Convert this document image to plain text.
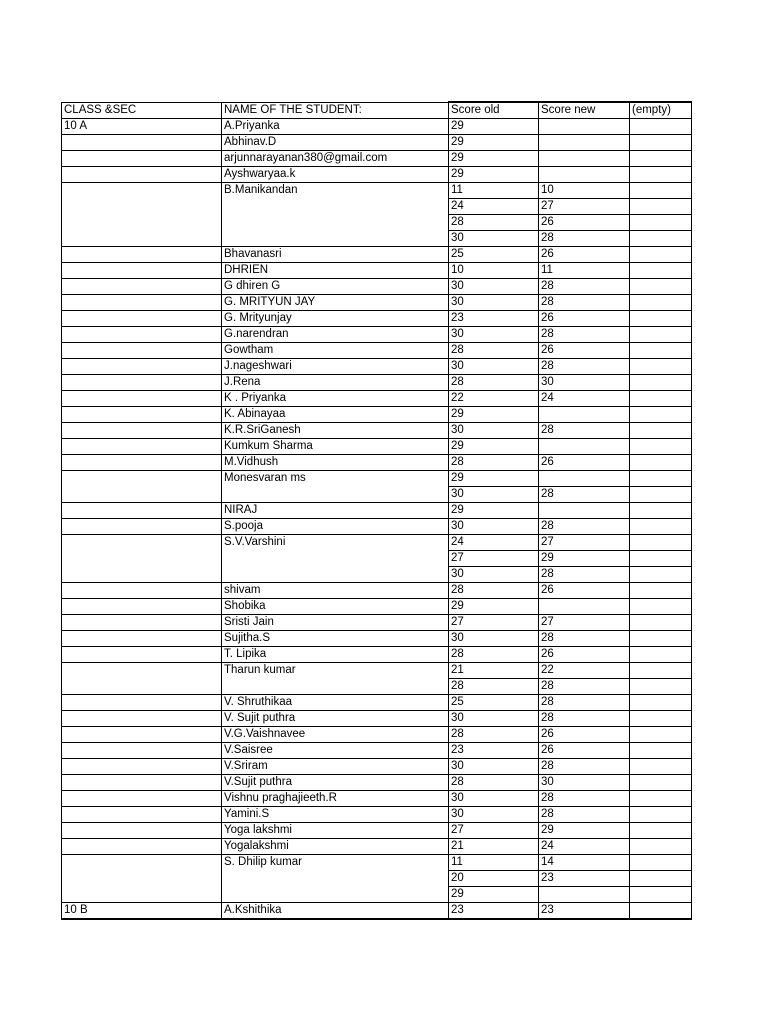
CLASS &SEC	NAME OF THE STUDENT:	Score old	Score new	(empty)
10 A	A.Priyanka	29		
	Abhinav.D	29		
	arjunnarayanan380@gmail.com	29		
	Ayshwaryaa.k	29		
	B.Manikandan	11	10	
		24	27	
		28	26	
		30	28	
	Bhavanasri	25	26	
	DHRIEN	10	11	
	G dhiren G	30	28	
	G. MRITYUN JAY	30	28	
	G. Mrityunjay	23	26	
	G.narendran	30	28	
	Gowtham	28	26	
	J.nageshwari	30	28	
	J.Rena	28	30	
	K . Priyanka	22	24	
	K. Abinayaa	29		
	K.R.SriGanesh	30	28	
	Kumkum Sharma	29		
	M.Vidhush	28	26	
	Monesvaran ms	29		
		30	28	
	NIRAJ	29		
	S.pooja	30	28	
	S.V.Varshini	24	27	
		27	29	
		30	28	
	shivam	28	26	
	Shobika	29		
	Sristi Jain	27	27	
	Sujitha.S	30	28	
	T. Lipika	28	26	
	Tharun kumar	21	22	
		28	28	
	V. Shruthikaa	25	28	
	V. Sujit puthra	30	28	
	V.G.Vaishnavee	28	26	
	V.Saisree	23	26	
	V.Sriram	30	28	
	V.Sujit puthra	28	30	
	Vishnu praghajieeth.R	30	28	
	Yamini.S	30	28	
	Yoga lakshmi	27	29	
	Yogalakshmi	21	24	
	S. Dhilip kumar	11	14	
		20	23	
		29		
10 B	A.Kshithika	23	23	
